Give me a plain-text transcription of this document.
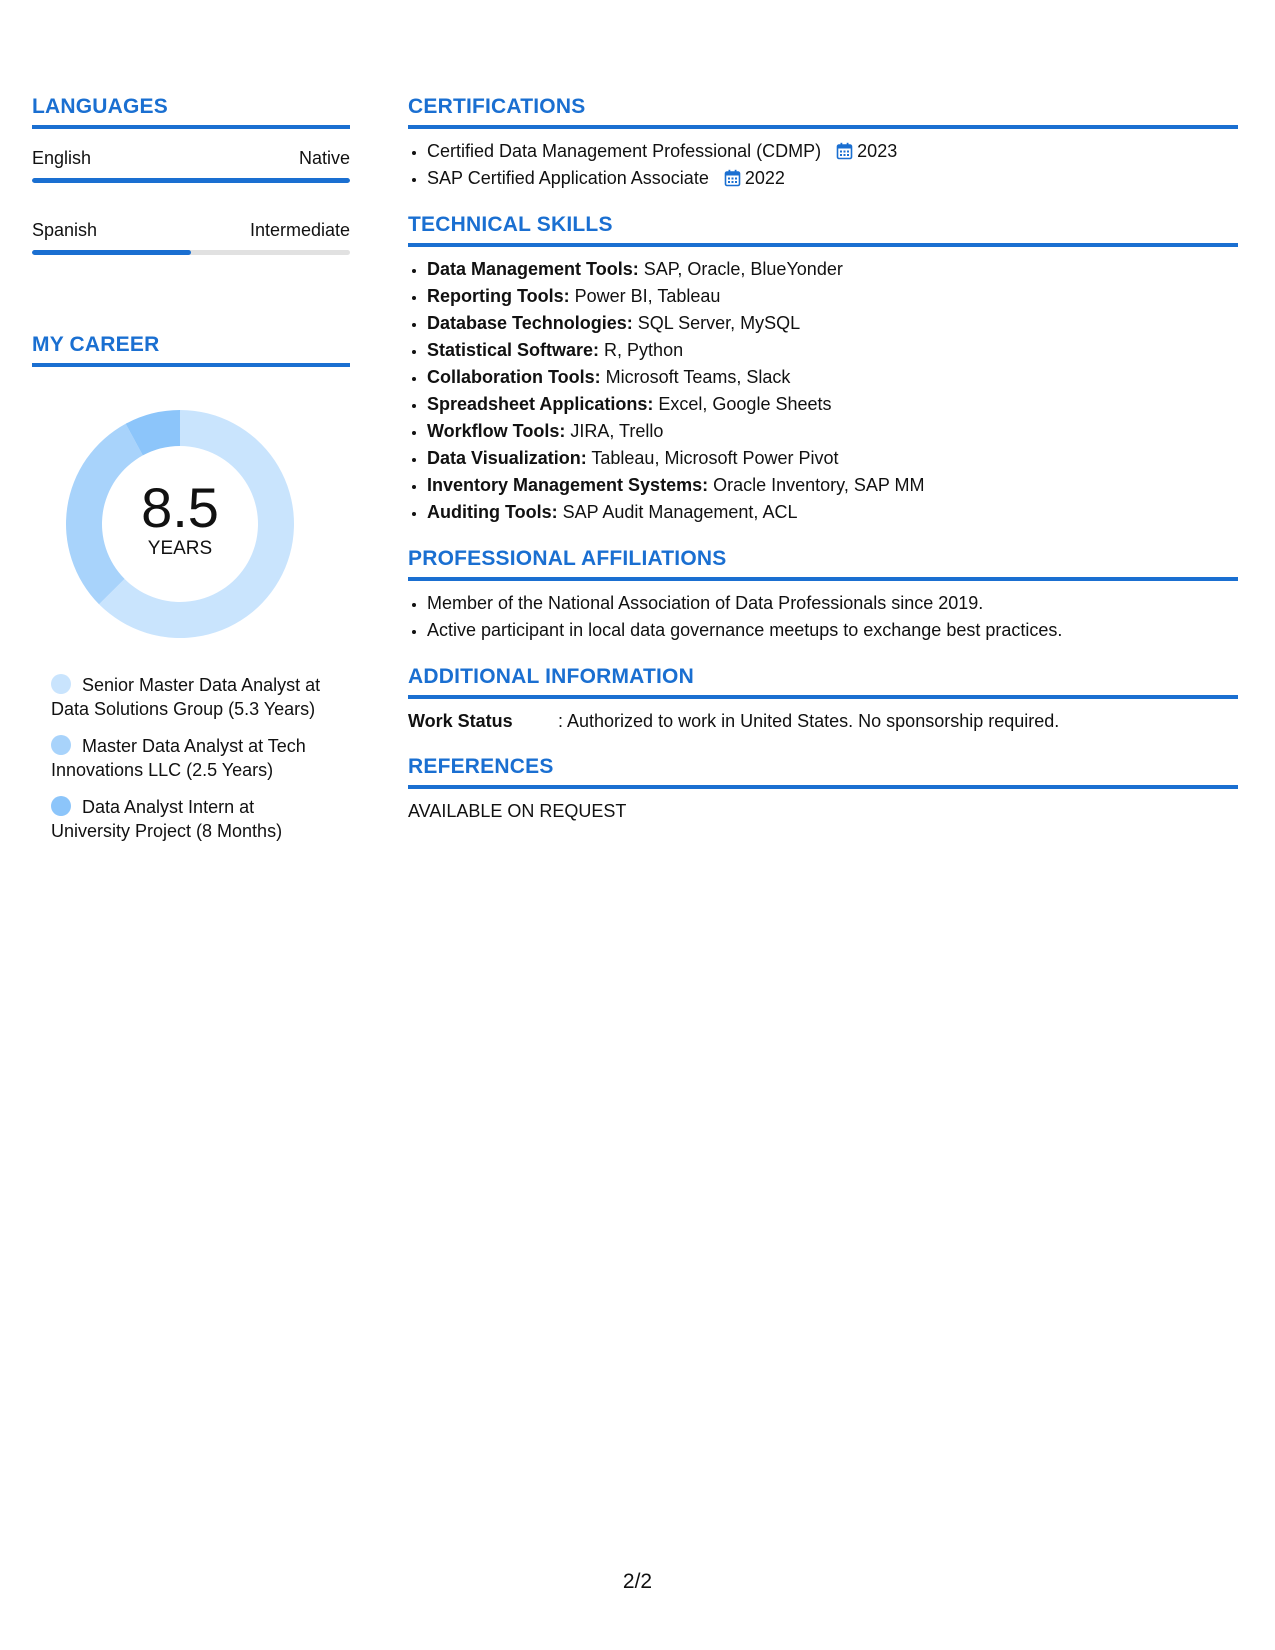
LANGUAGES
English	Native
Spanish	Intermediate
MY CAREER
8.5
YEARS
Senior Master Data Analyst at Data Solutions Group (5.3 Years)
Master Data Analyst at Tech Innovations LLC (2.5 Years)
Data Analyst Intern at University Project (8 Months)
CERTIFICATIONS
• Certified Data Management Professional (CDMP) 2023
• SAP Certified Application Associate 2022
TECHNICAL SKILLS
• Data Management Tools: SAP, Oracle, BlueYonder
• Reporting Tools: Power BI, Tableau
• Database Technologies: SQL Server, MySQL
• Statistical Software: R, Python
• Collaboration Tools: Microsoft Teams, Slack
• Spreadsheet Applications: Excel, Google Sheets
• Workflow Tools: JIRA, Trello
• Data Visualization: Tableau, Microsoft Power Pivot
• Inventory Management Systems: Oracle Inventory, SAP MM
• Auditing Tools: SAP Audit Management, ACL
PROFESSIONAL AFFILIATIONS
• Member of the National Association of Data Professionals since 2019.
• Active participant in local data governance meetups to exchange best practices.
ADDITIONAL INFORMATION
Work Status	: Authorized to work in United States. No sponsorship required.
REFERENCES
AVAILABLE ON REQUEST
2/2
